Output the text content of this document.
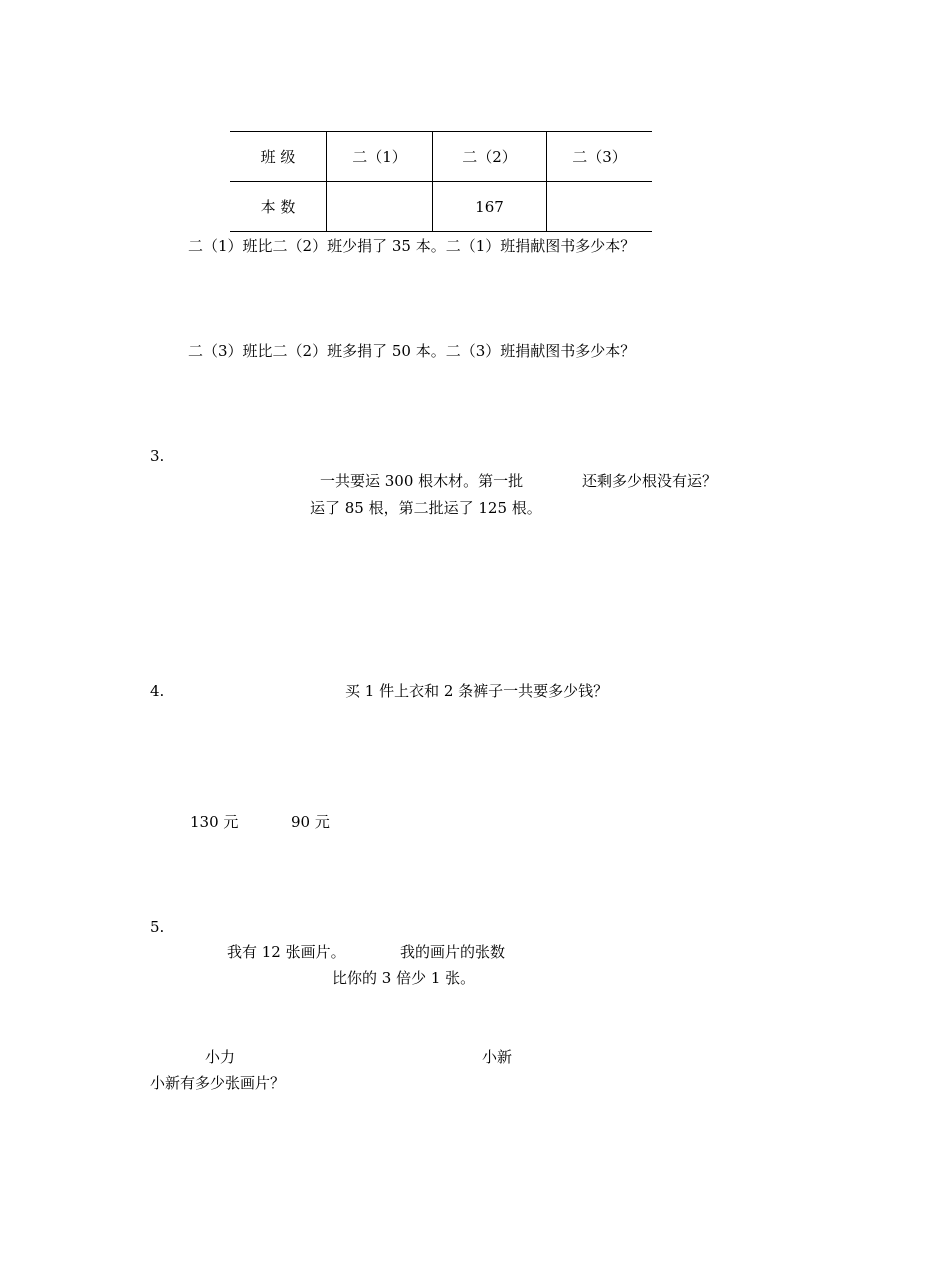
班 级	二（1）	二（2）	二（3）
本 数		167	
二（1）班比二（2）班少捐了 35 本。二（1）班捐献图书多少本？
二（3）班比二（2）班多捐了 50 本。二（3）班捐献图书多少本？
3.
一共要运 300 根木材。第一批
运了 85 根，第二批运了 125 根。
还剩多少根没有运？
4.	买 1 件上衣和 2 条裤子一共要多少钱？
130 元	90 元
5.
我有 12 张画片。	我的画片的张数
比你的 3 倍少 1 张。
小力	小新
小新有多少张画片？
